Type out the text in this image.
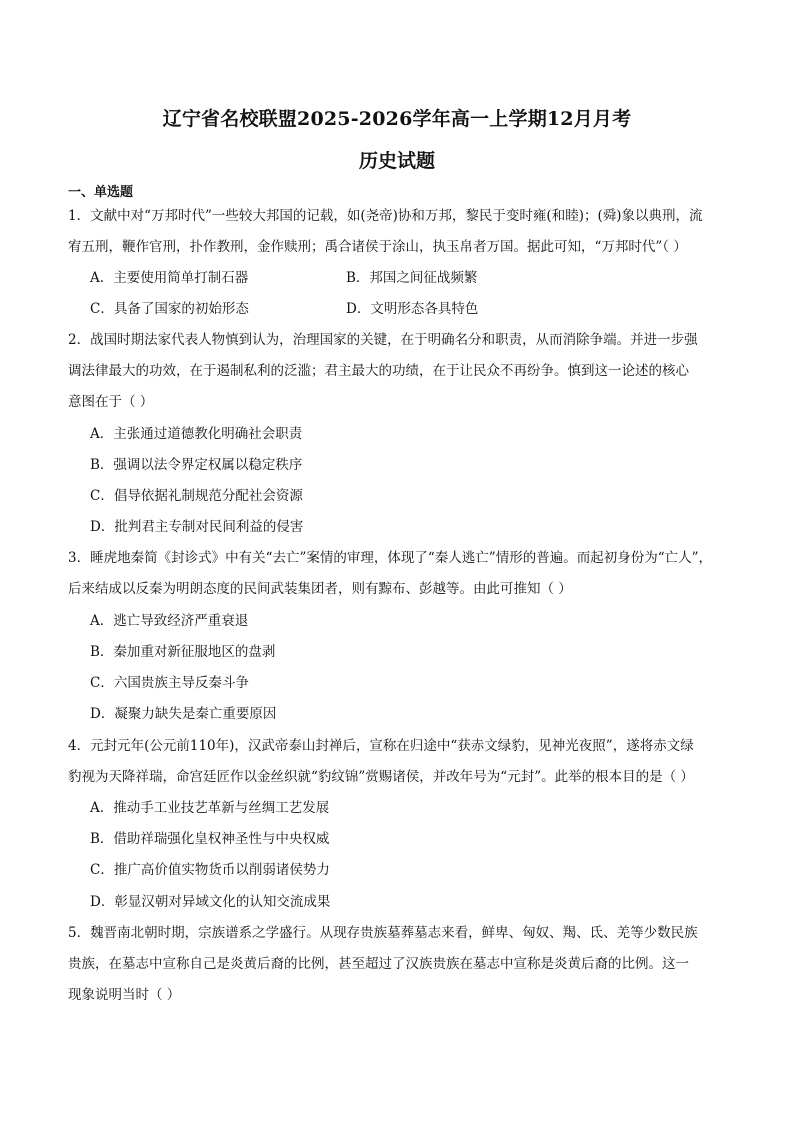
辽宁省名校联盟2025-2026学年高一上学期12月月考
历史试题
一、单选题
1．文献中对“万邦时代”一些较大邦国的记载，如(尧帝)协和万邦，黎民于变时雍(和睦)；(舜)象以典刑，流
宥五刑，鞭作官刑，扑作教刑，金作赎刑；禹合诸侯于涂山，执玉帛者万国。据此可知，“万邦时代”（ ）
A．主要使用简单打制石器	B．邦国之间征战频繁
C．具备了国家的初始形态	D．文明形态各具特色
2．战国时期法家代表人物慎到认为，治理国家的关键，在于明确名分和职责，从而消除争端。并进一步强
调法律最大的功效，在于遏制私利的泛滥；君主最大的功绩，在于让民众不再纷争。慎到这一论述的核心
意图在于（ ）
A．主张通过道德教化明确社会职责
B．强调以法令界定权属以稳定秩序
C．倡导依据礼制规范分配社会资源
D．批判君主专制对民间利益的侵害
3．睡虎地秦简《封诊式》中有关“去亡”案情的审理，体现了“秦人逃亡”情形的普遍。而起初身份为“亡人”，
后来结成以反秦为明朗态度的民间武装集团者，则有黥布、彭越等。由此可推知（ ）
A．逃亡导致经济严重衰退
B．秦加重对新征服地区的盘剥
C．六国贵族主导反秦斗争
D．凝聚力缺失是秦亡重要原因
4．元封元年(公元前110年)，汉武帝泰山封禅后，宣称在归途中“获赤文绿豹，见神光夜照”，遂将赤文绿
豹视为天降祥瑞，命宫廷匠作以金丝织就“豹纹锦”赏赐诸侯，并改年号为“元封”。此举的根本目的是（ ）
A．推动手工业技艺革新与丝绸工艺发展
B．借助祥瑞强化皇权神圣性与中央权威
C．推广高价值实物货币以削弱诸侯势力
D．彰显汉朝对异域文化的认知交流成果
5．魏晋南北朝时期，宗族谱系之学盛行。从现存贵族墓葬墓志来看，鲜卑、匈奴、羯、氐、羌等少数民族
贵族，在墓志中宣称自己是炎黄后裔的比例，甚至超过了汉族贵族在墓志中宣称是炎黄后裔的比例。这一
现象说明当时（ ）
